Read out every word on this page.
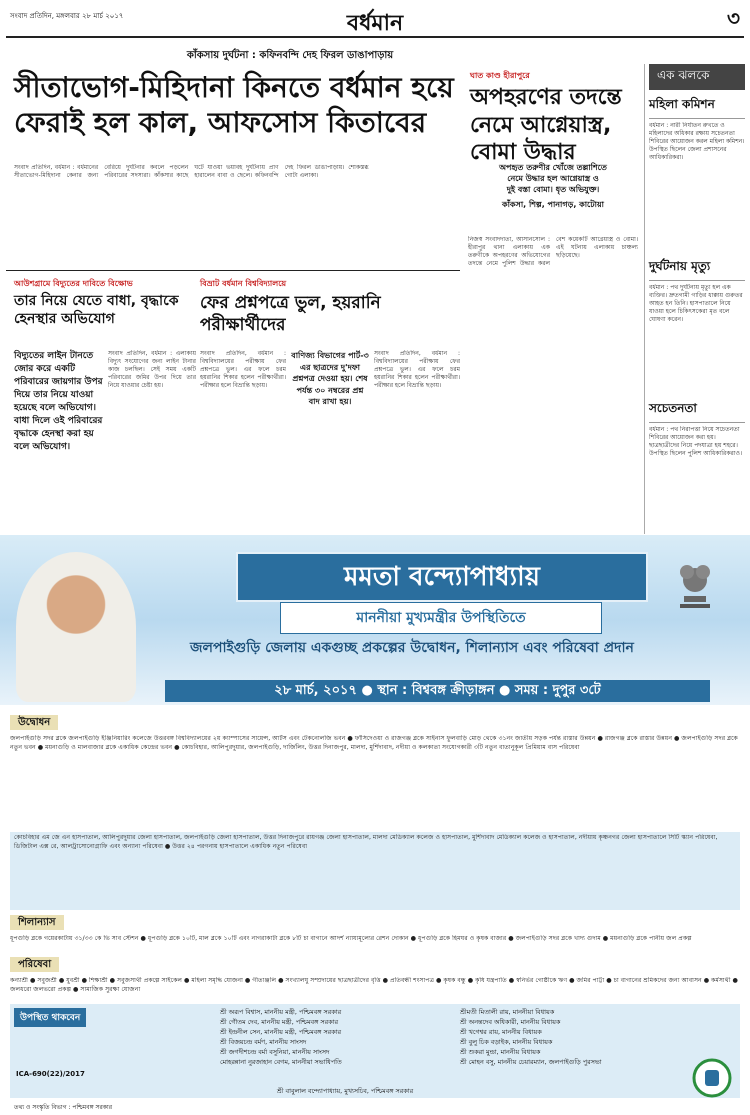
সংবাদ প্রতিদিন, মঙ্গলবার ২৮ মার্চ ২০১৭	বর্ধমান	৩
কাঁকসায় দুর্ঘটনা : কফিনবন্দি দেহ ফিরল ডাঙাপাড়ায়
সীতাভোগ-মিহিদানা কিনতে বর্ধমান হয়ে ফেরাই হল কাল, আফসোস কিতাবের
সংবাদ প্রতিদিন, বর্ধমান : বর্ধমানের সীতাভোগ-মিহিদানা কেনার জন্য বেরিয়ে দুর্ঘটনার কবলে পড়লেন পরিবারের সদস্যরা। কাঁকসার কাছে ঘটে যাওয়া ভয়াবহ দুর্ঘটনায় প্রাণ হারালেন বাবা ও ছেলে। কফিনবন্দি দেহ ফিরল ডাঙাপাড়ায়। শোকস্তব্ধ গোটা এলাকা।
ঘাত কাণ্ড হীরাপুরে
অপহরণের তদন্তে নেমে আগ্নেয়াস্ত্র, বোমা উদ্ধার
অপহৃত তরুণীর খোঁজে তল্লাশিতে
নেমে উদ্ধার হল আগ্নেয়াস্ত্র ও
দুই বস্তা বোমা। ধৃত অভিযুক্ত।
কাঁকসা, শিল্প, পানাগড়, কাটোয়া
নিজস্ব সংবাদদাতা, আসানসোল : হীরাপুর থানা এলাকায় এক তরুণীকে অপহরণের অভিযোগের তদন্তে নেমে পুলিশ উদ্ধার করল বেশ কয়েকটি আগ্নেয়াস্ত্র ও বোমা। এই ঘটনায় এলাকায় চাঞ্চল্য ছড়িয়েছে।
আউশগ্রামে বিদ্যুতের দাবিতে বিক্ষোভ
তার নিয়ে যেতে বাধা, বৃদ্ধাকে হেনস্থার অভিযোগ
বিদ্যুতের লাইন টানতে জোর করে একটি পরিবারের জায়গার উপর দিয়ে তার নিয়ে যাওয়া হয়েছে বলে অভিযোগ। বাধা দিলে ওই পরিবারের বৃদ্ধাকে হেনস্থা করা হয় বলে অভিযোগ।
সংবাদ প্রতিদিন, বর্ধমান : এলাকায় বিদ্যুৎ সংযোগের জন্য লাইন টানার কাজ চলছিল। সেই সময় একটি পরিবারের জমির উপর দিয়ে তার নিয়ে যাওয়ার চেষ্টা হয়।
বিভ্রাট বর্ধমান বিশ্ববিদ্যালয়ে
ফের প্রশ্নপত্রে ভুল, হয়রানি পরীক্ষার্থীদের
বাণিজ্য বিভাগের পার্ট-৩ এর ছাত্রদের দু'দফা প্রশ্নপত্র দেওয়া হয়। শেষ পর্যন্ত ৩০ নম্বরের প্রশ্ন বাদ রাখা হয়।
সংবাদ প্রতিদিন, বর্ধমান : বিশ্ববিদ্যালয়ের পরীক্ষায় ফের প্রশ্নপত্রে ভুল। এর ফলে চরম হয়রানির শিকার হলেন পরীক্ষার্থীরা। পরীক্ষার হলে বিভ্রান্তি ছড়ায়।
সংবাদ প্রতিদিন, বর্ধমান : বিশ্ববিদ্যালয়ের পরীক্ষায় ফের প্রশ্নপত্রে ভুল। এর ফলে চরম হয়রানির শিকার হলেন পরীক্ষার্থীরা। পরীক্ষার হলে বিভ্রান্তি ছড়ায়।
এক ঝলকে
মহিলা কমিশন
বর্ধমান : নারী নির্যাতন রুখতে ও মহিলাদের অধিকার রক্ষায় সচেতনতা শিবিরের আয়োজন করল মহিলা কমিশন। উপস্থিত ছিলেন জেলা প্রশাসনের আধিকারিকরা।
দুর্ঘটনায় মৃত্যু
বর্ধমান : পথ দুর্ঘটনায় মৃত্যু হল এক ব্যক্তির। দ্রুতগামী গাড়ির ধাক্কায় গুরুতর আহত হন তিনি। হাসপাতালে নিয়ে যাওয়া হলে চিকিৎসকেরা মৃত বলে ঘোষণা করেন।
সচেতনতা
বর্ধমান : পথ নিরাপত্তা নিয়ে সচেতনতা শিবিরের আয়োজন করা হয়। ছাত্রছাত্রীদের নিয়ে পদযাত্রা হয় শহরে। উপস্থিত ছিলেন পুলিশ আধিকারিকরাও।
মমতা বন্দ্যোপাধ্যায়
মাননীয়া মুখ্যমন্ত্রীর উপস্থিতিতে
জলপাইগুড়ি জেলায় একগুচ্ছ প্রকল্পের উদ্বোধন, শিলান্যাস এবং পরিষেবা প্রদান
২৮ মার্চ, ২০১৭ ● স্থান : বিশ্ববঙ্গ ক্রীড়াঙ্গন ● সময় : দুপুর ৩টে
উদ্বোধন
জলপাইগুড়ি সদর ব্লকে জলপাইগুড়ি ইঞ্জিনিয়ারিং কলেজে উত্তরবঙ্গ বিশ্ববিদ্যালয়ের ২য় ক্যাম্পাসের সায়েন্স, আর্টস এবং টেকনোলজি ভবন ● ফাঁসিদেওয়া ও রাজগঞ্জ ব্লকে সাইনাস ফুলবাড়ি মোড় থেকে ৩১নং জাতীয় সড়ক পর্যন্ত রাস্তার উন্নয়ন ● রাজগঞ্জ ব্লকে রাস্তার উন্নয়ন ● জলপাইগুড়ি সদর ব্লকে নতুন ভবন ● ময়নাগুড়ি ও মালবাজার ব্লকে একাধিক কেন্দ্রের ভবন ● কোচবিহার, আলিপুরদুয়ার, জলপাইগুড়ি, দার্জিলিং, উত্তর দিনাজপুর, মালদা, মুর্শিদাবাদ, নদীয়া ও কলকাতা সংযোগকারী ৩টি নতুন বাতানুকূল প্রিমিয়াম বাস পরিষেবা
কোচবিহার এম জে এন হাসপাতাল, আলিপুরদুয়ার জেলা হাসপাতাল, জলপাইগুড়ি জেলা হাসপাতাল, উত্তর দিনাজপুরে রায়গঞ্জ জেলা হাসপাতাল, মালদা মেডিক্যাল কলেজ ও হাসপাতাল, মুর্শিদাবাদ মেডিক্যাল কলেজ ও হাসপাতাল, নদীয়ায় কৃষ্ণনগর জেলা হাসপাতালে সিটি স্ক্যান পরিষেবা, ডিজিটাল এক্স রে, আলট্রাসোনোগ্রাফি এবং অন্যান্য পরিষেবা ● উত্তর ২৪ পরগনায় হাসপাতালে একাধিক নতুন পরিষেবা
শিলান্যাস
ধূপগুড়ি ব্লকে গয়েরকাটায় ৩১/৩৩ কে ভি সাব স্টেশন ● ধূপগুড়ি ব্লকে ১০টি, মাল ব্লকে ১০টি এবং নাগরাকাটা ব্লকে ৮টি চা বাগানে আদর্শ ন্যায্যমূল্যের রেশন দোকান ● ধূপগুড়ি ব্লকে হিমঘর ও কৃষক বাজার ● জলপাইগুড়ি সদর ব্লকে খাদ্য গুদাম ● ময়নাগুড়ি ব্লকে পানীয় জল প্রকল্প
পরিষেবা
কন্যাশ্রী ● সবুজশ্রী ● যুবশ্রী ● শিক্ষাশ্রী ● সবুজসাথী প্রকল্পে সাইকেল ● মহিলা সমৃদ্ধি যোজনা ● গীতাঞ্জলি ● সংখ্যালঘু সম্প্রদায়ের ছাত্রছাত্রীদের বৃত্তি ● প্রতিবন্ধী শংসাপত্র ● কৃষক বন্ধু ● কৃষি যন্ত্রপাতি ● স্বনির্ভর গোষ্ঠীকে ঋণ ● জমির পাট্টা ● চা বাগানের শ্রমিকদের জন্য আবাসন ● কর্মসাথী ● জলধরো জলভরো প্রকল্প ● সামাজিক সুরক্ষা যোজনা
উপস্থিত থাকবেন
শ্রী অরূপ বিশ্বাস, মাননীয় মন্ত্রী, পশ্চিমবঙ্গ সরকার
শ্রী গৌতম দেব, মাননীয় মন্ত্রী, পশ্চিমবঙ্গ সরকার
শ্রী ইন্দ্রনীল সেন, মাননীয় মন্ত্রী, পশ্চিমবঙ্গ সরকার
শ্রী বিজয়চন্দ্র বর্মণ, মাননীয় সাংসদ
শ্রী জগদীশচন্দ্র বর্মা বসুনিয়া, মাননীয় সাংসদ
মোহরন্নানা নুরজাহান বেগম, মাননীয়া সভাধিপতি
শ্রীমতী মিতালী রায়, মাননীয়া বিধায়ক
শ্রী অনন্তদেব অধিকারী, মাননীয় বিধায়ক
শ্রী খগেশ্বর রায়, মাননীয় বিধায়ক
শ্রী বুলু চিক বড়াইক, মাননীয় বিধায়ক
শ্রী শুকরা মুন্ডা, মাননীয় বিধায়ক
শ্রী মোহন বসু, মাননীয় চেয়ারম্যান, জলপাইগুড়ি পুরসভা
ICA-690(22)/2017
শ্রী বাবুলাল বন্দ্যোপাধ্যায়, মুখ্যসচিব, পশ্চিমবঙ্গ সরকার
তথ্য ও সংস্কৃতি বিভাগ : পশ্চিমবঙ্গ সরকার
